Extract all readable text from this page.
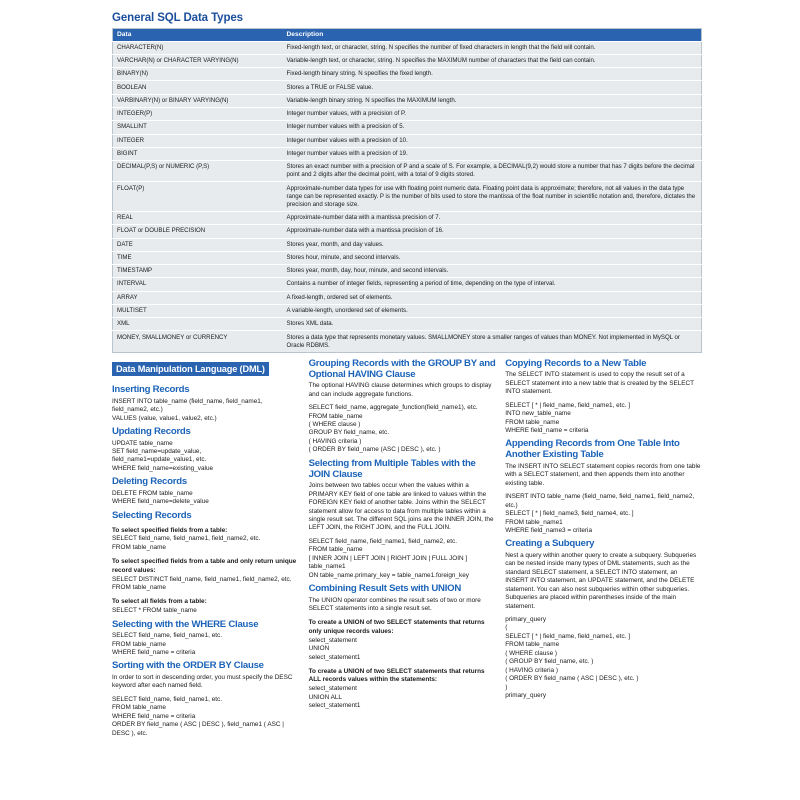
General SQL Data Types
Data	Description
CHARACTER(N)	Fixed-length text, or character, string. N specifies the number of fixed characters in length that the field will contain.
VARCHAR(N) or CHARACTER VARYING(N)	Variable-length text, or character, string. N specifies the MAXIMUM number of characters that the field can contain.
BINARY(N)	Fixed-length binary string. N specifies the fixed length.
BOOLEAN	Stores a TRUE or FALSE value.
VARBINARY(N) or BINARY VARYING(N)	Variable-length binary string. N specifies the MAXIMUM length.
INTEGER(P)	Integer number values, with a precision of P.
SMALLINT	Integer number values with a precision of 5.
INTEGER	Integer number values with a precision of 10.
BIGINT	Integer number values with a precision of 19.
DECIMAL(P,S) or NUMERIC (P,S)	Stores an exact number with a precision of P and a scale of S. For example, a DECIMAL(9,2) would store a number that has 7 digits before the decimal point and 2 digits after the decimal point, with a total of 9 digits stored.
FLOAT(P)	Approximate-number data types for use with floating point numeric data. Floating point data is approximate; therefore, not all values in the data type range can be represented exactly. P is the number of bits used to store the mantissa of the float number in scientific notation and, therefore, dictates the precision and storage size.
REAL	Approximate-number data with a mantissa precision of 7.
FLOAT or DOUBLE PRECISION	Approximate-number data with a mantissa precision of 16.
DATE	Stores year, month, and day values.
TIME	Stores hour, minute, and second intervals.
TIMESTAMP	Stores year, month, day, hour, minute, and second intervals.
INTERVAL	Contains a number of integer fields, representing a period of time, depending on the type of interval.
ARRAY	A fixed-length, ordered set of elements.
MULTISET	A variable-length, unordered set of elements.
XML	Stores XML data.
MONEY, SMALLMONEY or CURRENCY	Stores a data type that represents monetary values. SMALLMONEY store a smaller ranges of values than MONEY. Not implemented in MySQL or Oracle RDBMS.
Data Manipulation Language (DML)
Inserting Records
INSERT INTO table_name (field_name, field_name1, field_name2, etc.)
VALUES (value, value1, value2, etc.)
Updating Records
UPDATE table_name
SET field_name=update_value,
field_name1=update_value1, etc.
WHERE field_name=existing_value
Deleting Records
DELETE FROM table_name
WHERE field_name=delete_value
Selecting Records
To select specified fields from a table:
SELECT field_name, field_name1, field_name2, etc.
FROM table_name
To select specified fields from a table and only return unique record values:
SELECT DISTINCT field_name, field_name1, field_name2, etc.
FROM table_name
To select all fields from a table:
SELECT * FROM table_name
Selecting with the WHERE Clause
SELECT field_name, field_name1, etc.
FROM table_name
WHERE field_name = criteria
Sorting with the ORDER BY Clause
In order to sort in descending order, you must specify the DESC keyword after each named field.
SELECT field_name, field_name1, etc.
FROM table_name
WHERE field_name = criteria
ORDER BY field_name ( ASC | DESC ), field_name1 ( ASC | DESC ), etc.
Grouping Records with the GROUP BY and Optional HAVING Clause
The optional HAVING clause determines which groups to display and can include aggregate functions.
SELECT field_name, aggregate_function(field_name1), etc.
FROM table_name
( WHERE clause )
GROUP BY field_name, etc.
( HAVING criteria )
( ORDER BY field_name (ASC | DESC ), etc. )
Selecting from Multiple Tables with the JOIN Clause
Joins between two tables occur when the values within a PRIMARY KEY field of one table are linked to values within the FOREIGN KEY field of another table. Joins within the SELECT statement allow for access to data from multiple tables within a single result set. The different SQL joins are the INNER JOIN, the LEFT JOIN, the RIGHT JOIN, and the FULL JOIN.
SELECT field_name, field_name1, field_name2, etc.
FROM table_name
[ INNER JOIN | LEFT JOIN | RIGHT JOIN | FULL JOIN ]
table_name1
ON table_name.primary_key = table_name1.foreign_key
Combining Result Sets with UNION
The UNION operator combines the result sets of two or more SELECT statements into a single result set.
To create a UNION of two SELECT statements that returns only unique records values:
select_statement
UNION
select_statement1
To create a UNION of two SELECT statements that returns ALL records values within the statements:
select_statement
UNION ALL
select_statement1
Copying Records to a New Table
The SELECT INTO statement is used to copy the result set of a SELECT statement into a new table that is created by the SELECT INTO statement.
SELECT [ * | field_name, field_name1, etc. ]
INTO new_table_name
FROM table_name
WHERE field_name = criteria
Appending Records from One Table Into Another Existing Table
The INSERT INTO SELECT statement copies records from one table with a SELECT statement, and then appends them into another existing table.
INSERT INTO table_name (field_name, field_name1, field_name2, etc.)
SELECT [ * | field_name3, field_name4, etc. ]
FROM table_name1
WHERE field_name3 = criteria
Creating a Subquery
Nest a query within another query to create a subquery. Subqueries can be nested inside many types of DML statements, such as the standard SELECT statement, a SELECT INTO statement, an INSERT INTO statement, an UPDATE statement, and the DELETE statement. You can also nest subqueries within other subqueries. Subqueries are placed within parentheses inside of the main statement.
primary_query
(
SELECT [ * | field_name, field_name1, etc. ]
FROM table_name
( WHERE clause )
( GROUP BY field_name, etc. )
( HAVING criteria )
( ORDER BY field_name ( ASC | DESC ), etc. )
)
primary_query
